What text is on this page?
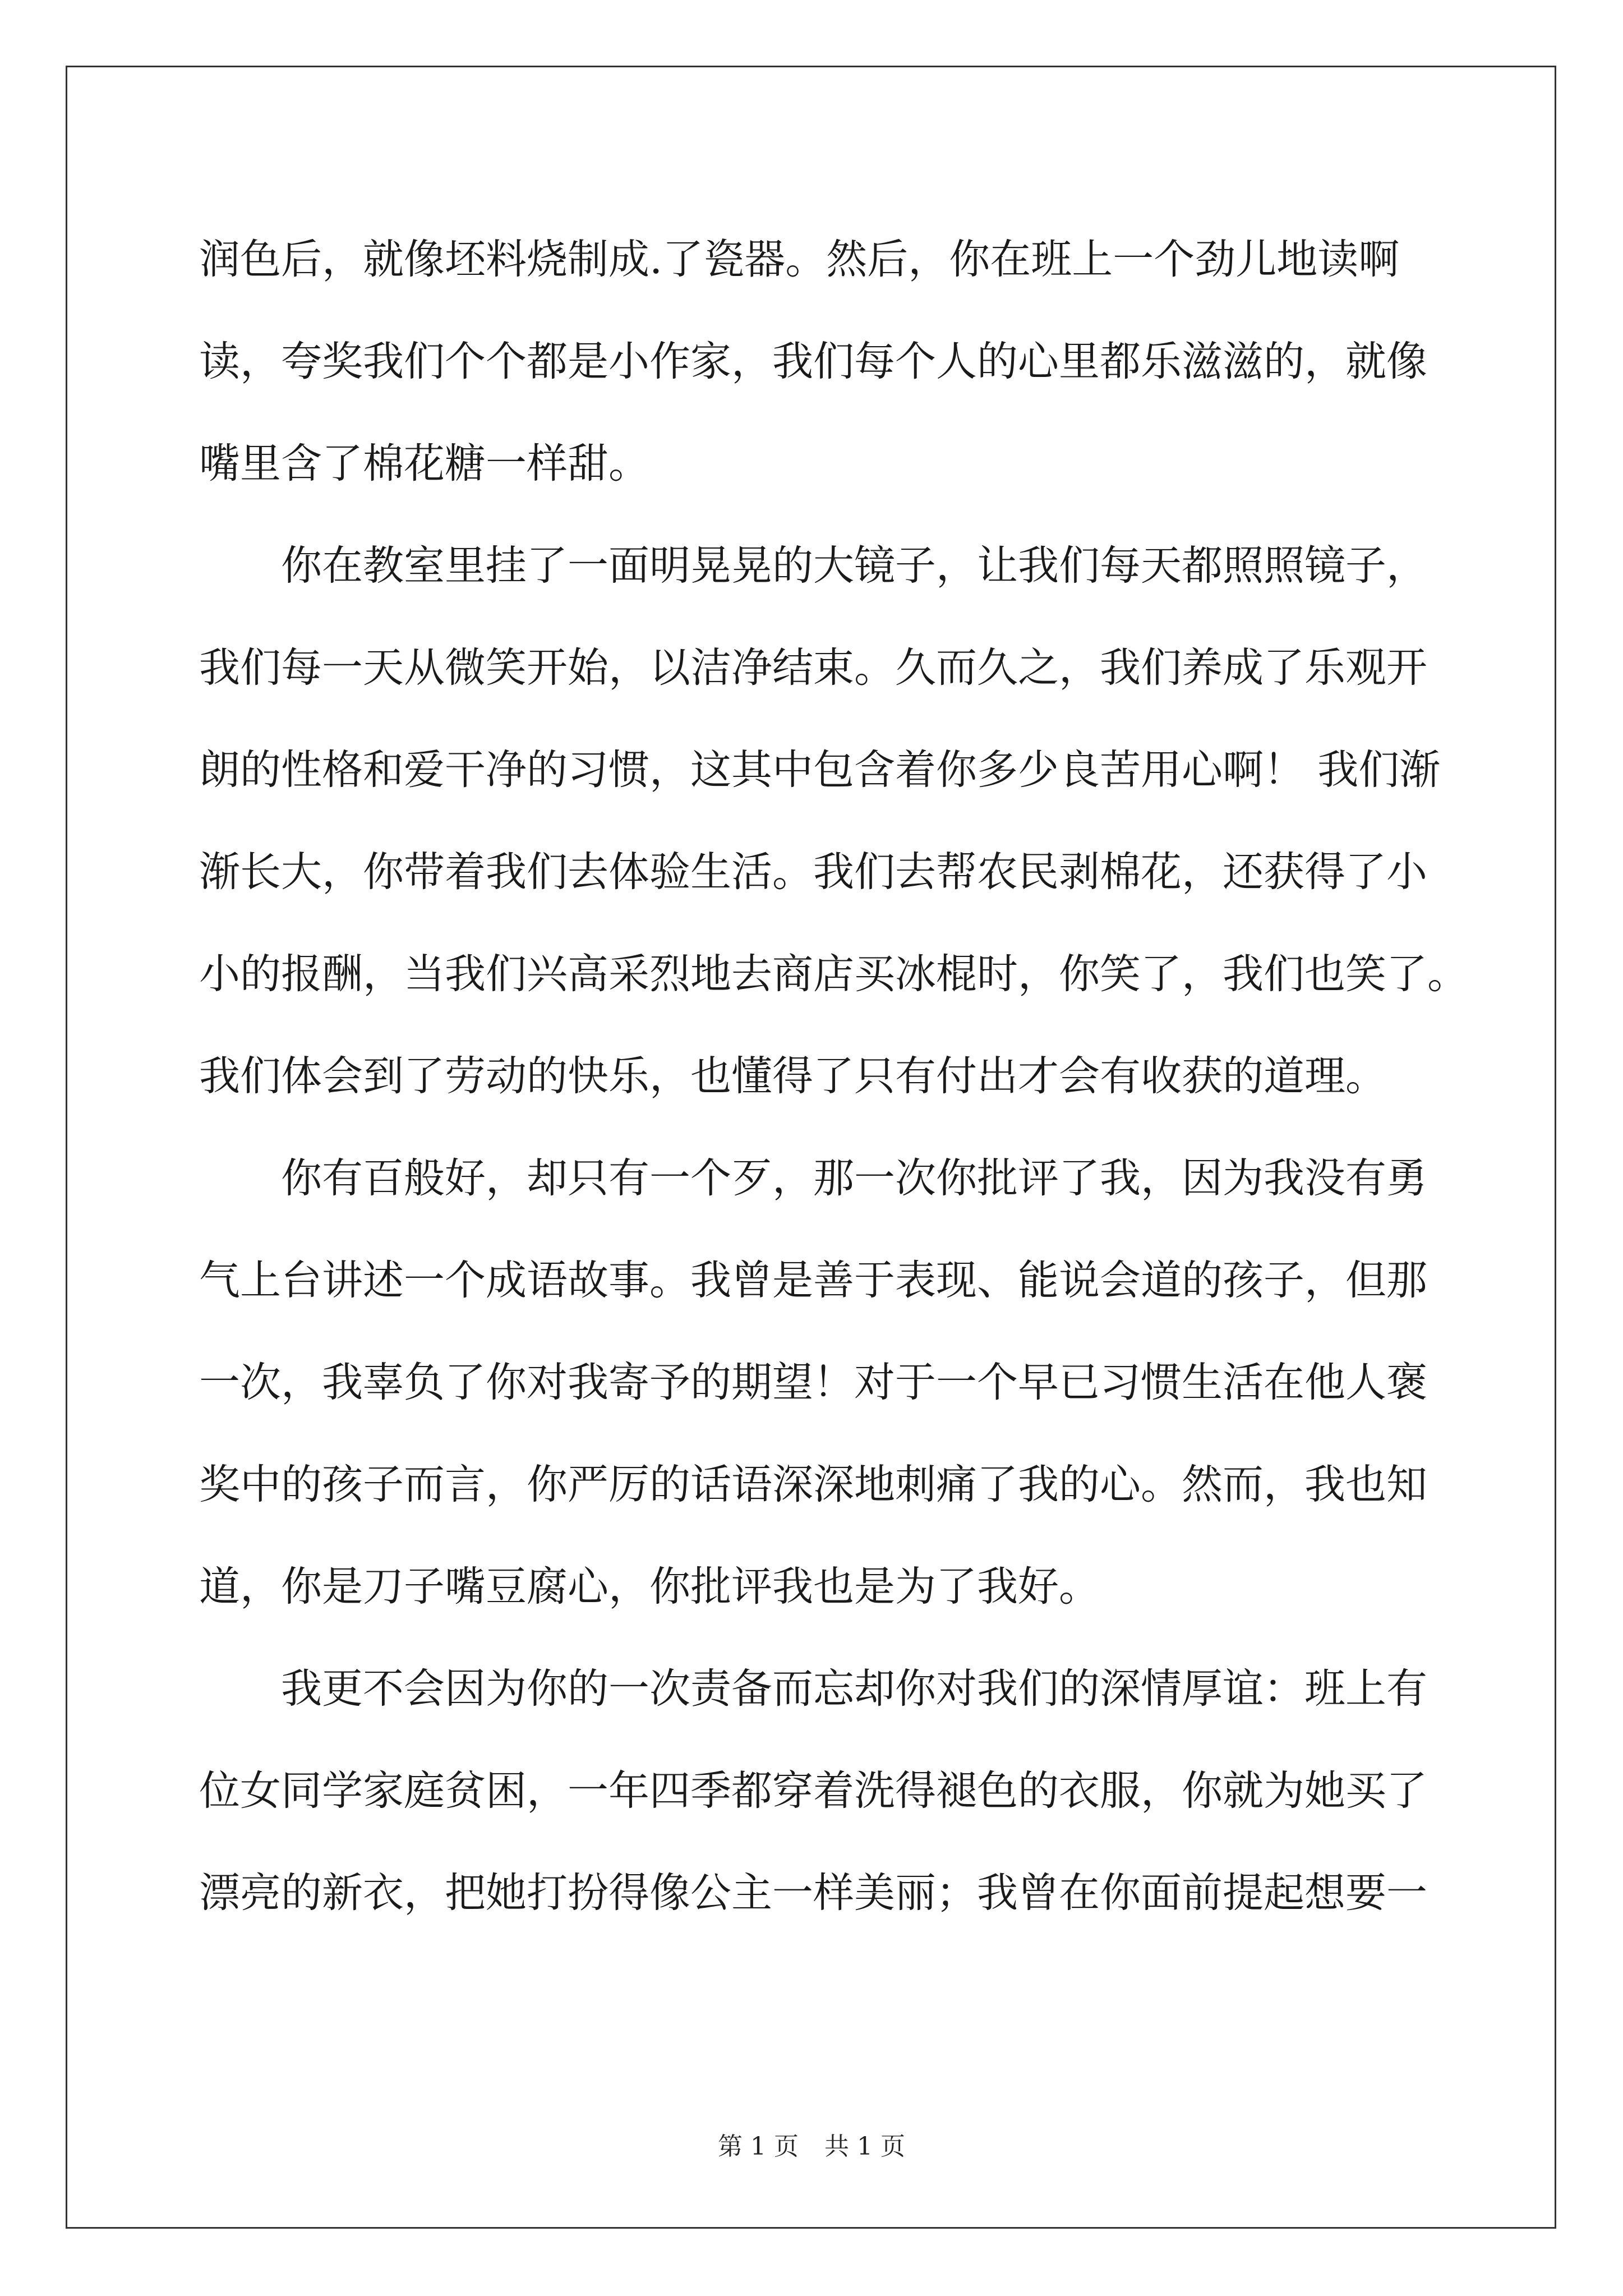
润色后，就像坯料烧制成.了瓷器。然后，你在班上一个劲儿地读啊
读，夸奖我们个个都是小作家，我们每个人的心里都乐滋滋的，就像
嘴里含了棉花糖一样甜。
你在教室里挂了一面明晃晃的大镜子，让我们每天都照照镜子，
我们每一天从微笑开始，以洁净结束。久而久之，我们养成了乐观开
朗的性格和爱干净的习惯，这其中包含着你多少良苦用心啊！ 我们渐
渐长大，你带着我们去体验生活。我们去帮农民剥棉花，还获得了小
小的报酬，当我们兴高采烈地去商店买冰棍时，你笑了，我们也笑了。
我们体会到了劳动的快乐，也懂得了只有付出才会有收获的道理。
你有百般好，却只有一个歹，那一次你批评了我，因为我没有勇
气上台讲述一个成语故事。我曾是善于表现、能说会道的孩子，但那
一次，我辜负了你对我寄予的期望！对于一个早已习惯生活在他人褒
奖中的孩子而言，你严厉的话语深深地刺痛了我的心。然而，我也知
道，你是刀子嘴豆腐心，你批评我也是为了我好。
我更不会因为你的一次责备而忘却你对我们的深情厚谊：班上有
位女同学家庭贫困，一年四季都穿着洗得褪色的衣服，你就为她买了
漂亮的新衣，把她打扮得像公主一样美丽；我曾在你面前提起想要一
第 1 页 共 1 页
